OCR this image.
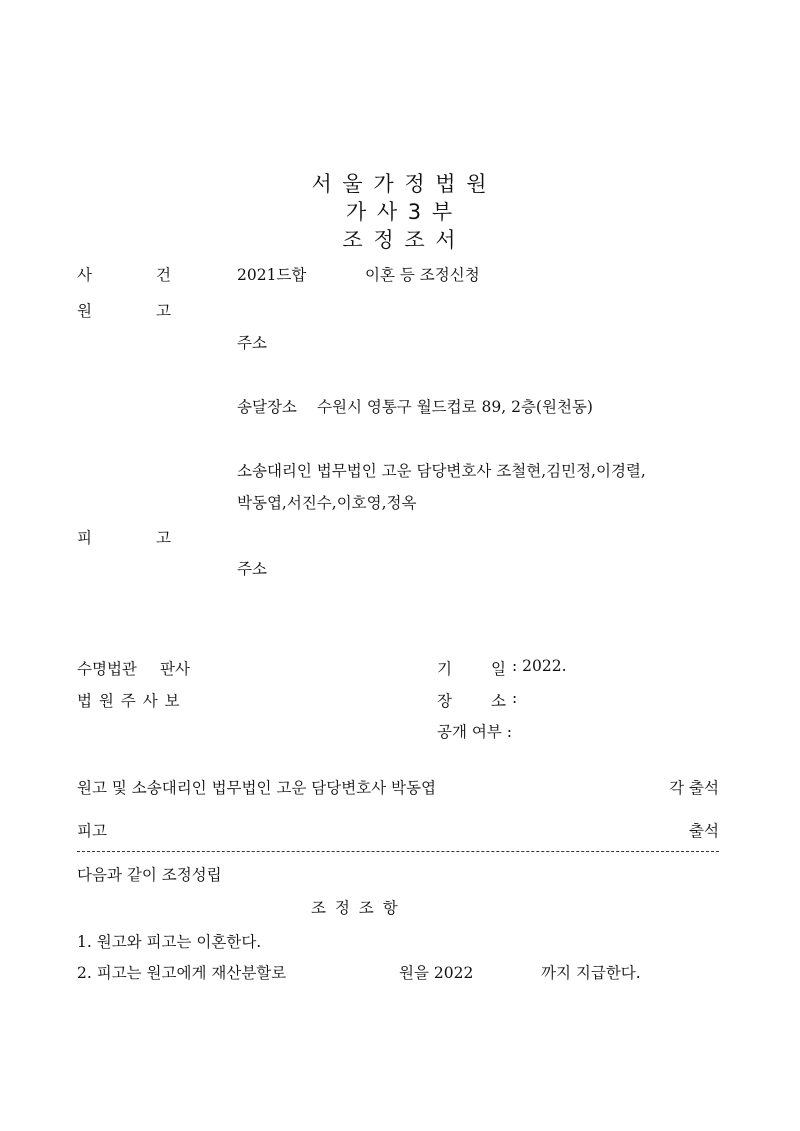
서 울 가 정 법 원
가 사 3 부
조 정 조 서
사	건	2021드합	이혼 등 조정신청
원	고
주소
송달장소 수원시 영통구 월드컵로 89, 2층(원천동)
소송대리인 법무법인 고운 담당변호사 조철현,김민정,이경렬,
박동엽,서진수,이호영,정옥
피	고
주소
수명법관 판사
법 원 주 사 보
기	일 : 2022.
장	소 :
공개 여부 :
원고 및 소송대리인 법무법인 고운 담당변호사 박동엽	각 출석
피고	출석
다음과 같이 조정성립
조 정 조 항
1. 원고와 피고는 이혼한다.
2. 피고는 원고에게 재산분할로	원을 2022	까지 지급한다.
